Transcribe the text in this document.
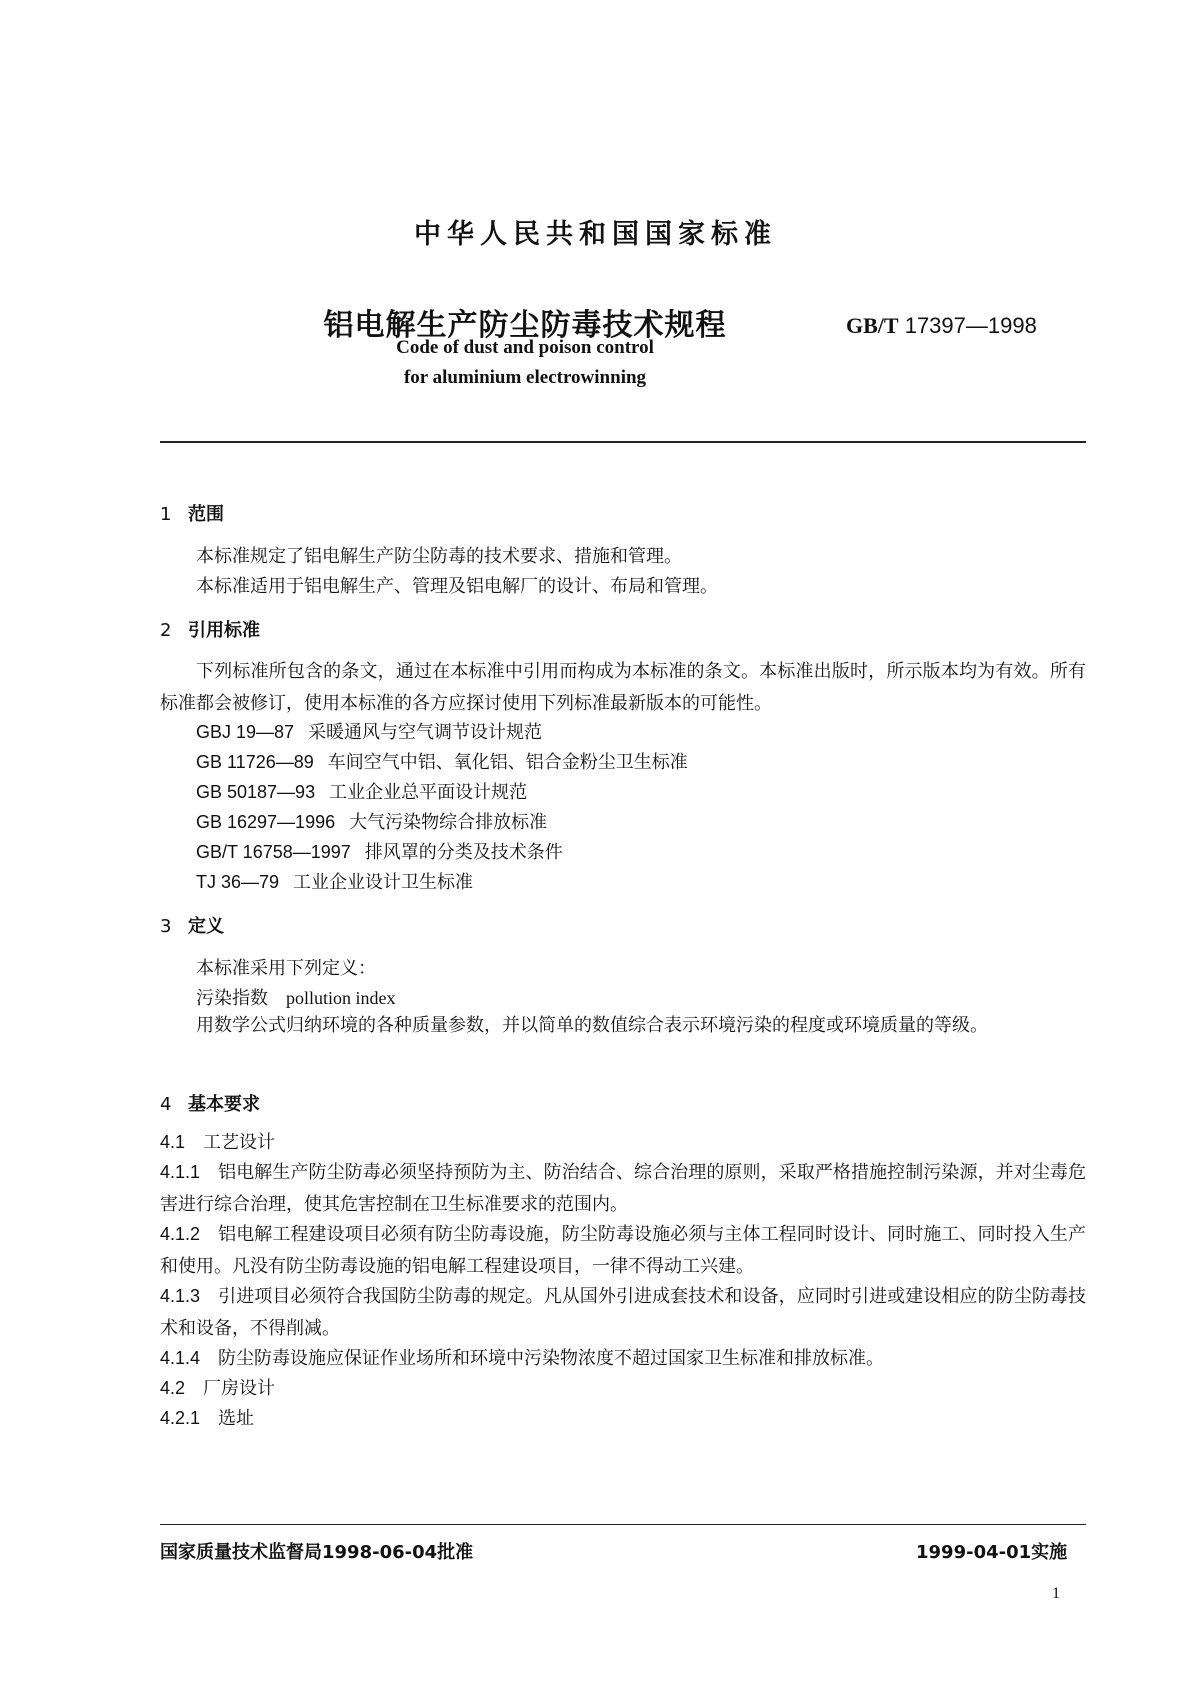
中华人民共和国国家标准
铝电解生产防尘防毒技术规程	GB/T 17397—1998
Code of dust and poison control
for aluminium electrowinning
1 范围
本标准规定了铝电解生产防尘防毒的技术要求、措施和管理。
本标准适用于铝电解生产、管理及铝电解厂的设计、布局和管理。
2 引用标准
下列标准所包含的条文，通过在本标准中引用而构成为本标准的条文。本标准出版时，所示版本均为有效。所有标准都会被修订，使用本标准的各方应探讨使用下列标准最新版本的可能性。
GBJ 19—87 采暖通风与空气调节设计规范
GB 11726—89 车间空气中铝、氧化铝、铝合金粉尘卫生标准
GB 50187—93 工业企业总平面设计规范
GB 16297—1996 大气污染物综合排放标准
GB/T 16758—1997 排风罩的分类及技术条件
TJ 36—79 工业企业设计卫生标准
3 定义
本标准采用下列定义：
污染指数 pollution index
用数学公式归纳环境的各种质量参数，并以简单的数值综合表示环境污染的程度或环境质量的等级。
4 基本要求
4.1 工艺设计
4.1.1 铝电解生产防尘防毒必须坚持预防为主、防治结合、综合治理的原则，采取严格措施控制污染源，并对尘毒危害进行综合治理，使其危害控制在卫生标准要求的范围内。
4.1.2 铝电解工程建设项目必须有防尘防毒设施，防尘防毒设施必须与主体工程同时设计、同时施工、同时投入生产和使用。凡没有防尘防毒设施的铝电解工程建设项目，一律不得动工兴建。
4.1.3 引进项目必须符合我国防尘防毒的规定。凡从国外引进成套技术和设备，应同时引进或建设相应的防尘防毒技术和设备，不得削减。
4.1.4 防尘防毒设施应保证作业场所和环境中污染物浓度不超过国家卫生标准和排放标准。
4.2 厂房设计
4.2.1 选址
国家质量技术监督局1998-06-04批准	1999-04-01实施
1
